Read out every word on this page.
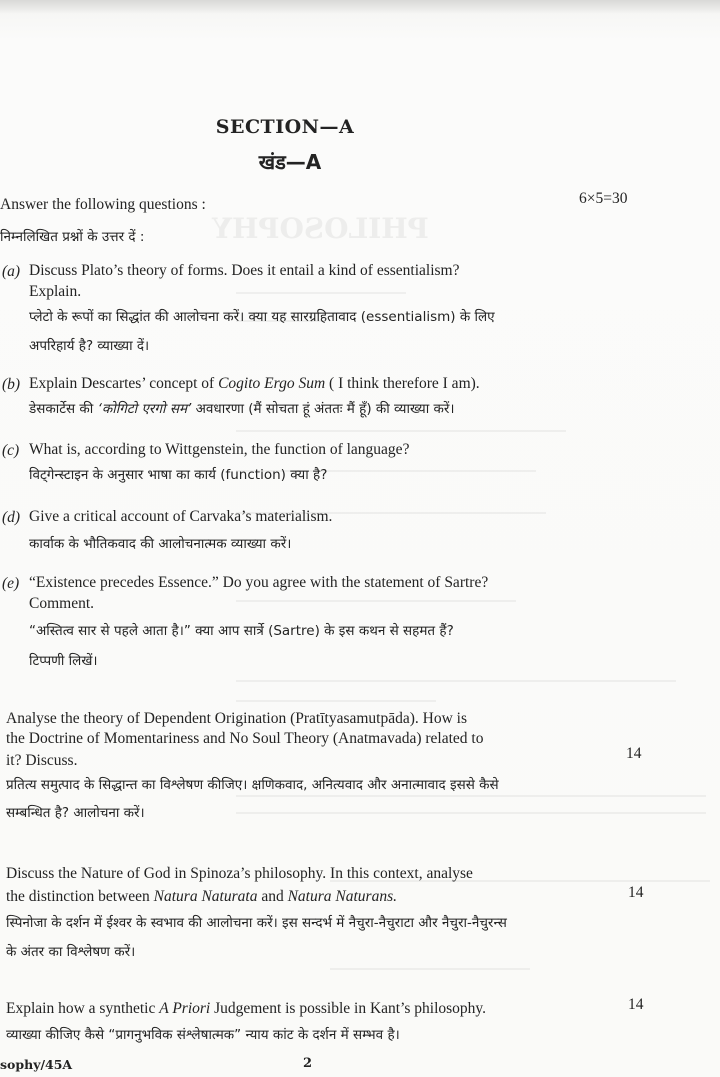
PHILOSOPHY
SECTION—A
खंड—A
Answer the following questions :	6×5=30
निम्नलिखित प्रश्नों के उत्तर दें :
(a) Discuss Plato’s theory of forms. Does it entail a kind of essentialism?
Explain.
प्लेटो के रूपों का सिद्धांत की आलोचना करें। क्या यह सारग्रहितावाद (essentialism) के लिए
अपरिहार्य है? व्याख्या दें।
(b) Explain Descartes’ concept of Cogito Ergo Sum ( I think therefore I am).
डेसकार्टेस की ‘कोगिटो एरगो सम’ अवधारणा (मैं सोचता हूं अंततः मैं हूँ) की व्याख्या करें।
(c) What is, according to Wittgenstein, the function of language?
विट्गेन्स्टाइन के अनुसार भाषा का कार्य (function) क्या है?
(d) Give a critical account of Carvaka’s materialism.
कार्वाक के भौतिकवाद की आलोचनात्मक व्याख्या करें।
(e) “Existence precedes Essence.” Do you agree with the statement of Sartre?
Comment.
“अस्तित्व सार से पहले आता है।” क्या आप सार्त्रे (Sartre) के इस कथन से सहमत हैं?
टिप्पणी लिखें।
Analyse the theory of Dependent Origination (Pratītyasamutpāda). How is
the Doctrine of Momentariness and No Soul Theory (Anatmavada) related to
it? Discuss.	14
प्रतित्य समुत्पाद के सिद्धान्त का विश्लेषण कीजिए। क्षणिकवाद, अनित्यवाद और अनात्मावाद इससे कैसे
सम्बन्धित है? आलोचना करें।
Discuss the Nature of God in Spinoza’s philosophy. In this context, analyse
the distinction between Natura Naturata and Natura Naturans.	14
स्पिनोजा के दर्शन में ईश्वर के स्वभाव की आलोचना करें। इस सन्दर्भ में नैचुरा-नैचुराटा और नैचुरा-नैचुरन्स
के अंतर का विश्लेषण करें।
Explain how a synthetic A Priori Judgement is possible in Kant’s philosophy.	14
व्याख्या कीजिए कैसे “प्रागनुभविक संश्लेषात्मक” न्याय कांट के दर्शन में सम्भव है।
sophy/45A	2
